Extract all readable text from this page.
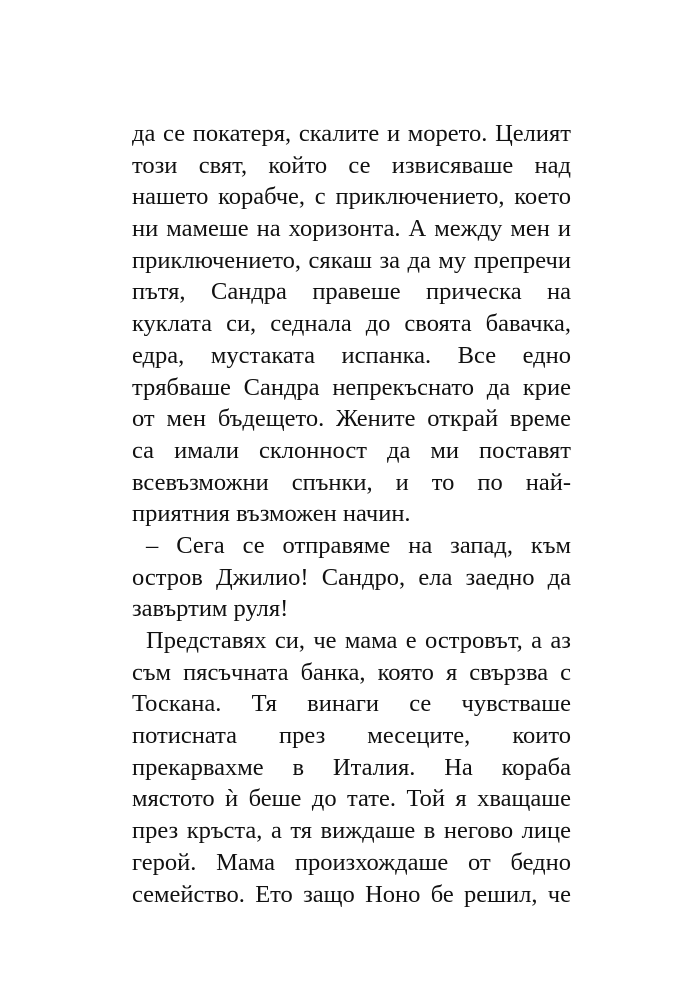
да се покатеря, скалите и морето. Целият
този свят, който се извисяваше над
нашето корабче, с приключението, което
ни мамеше на хоризонта. А между мен и
приключението, сякаш за да му препречи
пътя, Сандра правеше прическа на
куклата си, седнала до своята бавачка,
едра, мустаката испанка. Все едно
трябваше Сандра непрекъснато да крие
от мен бъдещето. Жените открай време
са имали склонност да ми поставят
всевъзможни спънки, и то по най-
приятния възможен начин.
– Сега се отправяме на запад, към
остров Джилио! Сандро, ела заедно да
завъртим руля!
Представях си, че мама е островът, а аз
съм пясъчната банка, която я свързва с
Тоскана. Тя винаги се чувстваше
потисната през месеците, които
прекарвахме в Италия. На кораба
мястото ѝ беше до тате. Той я хващаше
през кръста, а тя виждаше в негово лице
герой. Мама произхождаше от бедно
семейство. Ето защо Ноно бе решил, че
